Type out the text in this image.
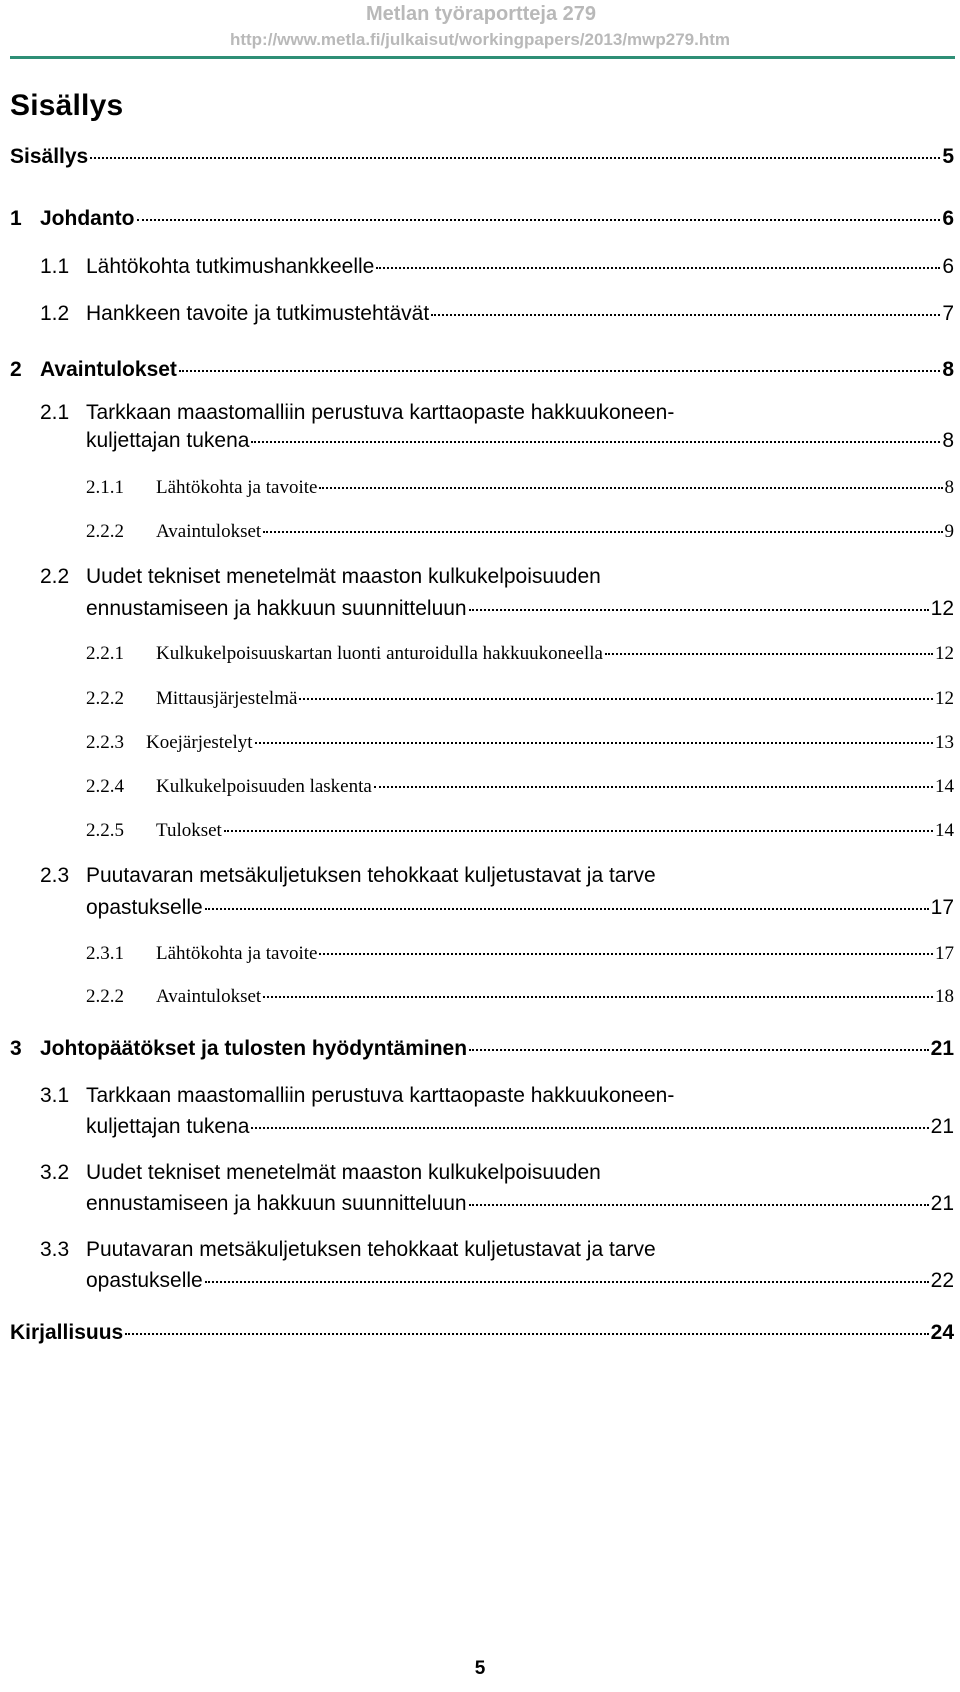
Metlan työraportteja 279
http://www.metla.fi/julkaisut/workingpapers/2013/mwp279.htm
Sisällys
Sisällys	5
1 Johdanto	6
1.1 Lähtökohta tutkimushankkeelle	6
1.2 Hankkeen tavoite ja tutkimustehtävät	7
2 Avaintulokset	8
2.1 Tarkkaan maastomalliin perustuva karttaopaste hakkuukoneen-
kuljettajan tukena	8
2.1.1	Lähtökohta ja tavoite	8
2.2.2	Avaintulokset	9
2.2 Uudet tekniset menetelmät maaston kulkukelpoisuuden
ennustamiseen ja hakkuun suunnitteluun	12
2.2.1	Kulkukelpoisuuskartan luonti anturoidulla hakkuukoneella	12
2.2.2	Mittausjärjestelmä	12
2.2.3	Koejärjestelyt	13
2.2.4	Kulkukelpoisuuden laskenta	14
2.2.5	Tulokset	14
2.3 Puutavaran metsäkuljetuksen tehokkaat kuljetustavat ja tarve
opastukselle	17
2.3.1	Lähtökohta ja tavoite	17
2.2.2	Avaintulokset	18
3 Johtopäätökset ja tulosten hyödyntäminen	21
3.1 Tarkkaan maastomalliin perustuva karttaopaste hakkuukoneen-
kuljettajan tukena	21
3.2 Uudet tekniset menetelmät maaston kulkukelpoisuuden
ennustamiseen ja hakkuun suunnitteluun	21
3.3 Puutavaran metsäkuljetuksen tehokkaat kuljetustavat ja tarve
opastukselle	22
Kirjallisuus	24
5
